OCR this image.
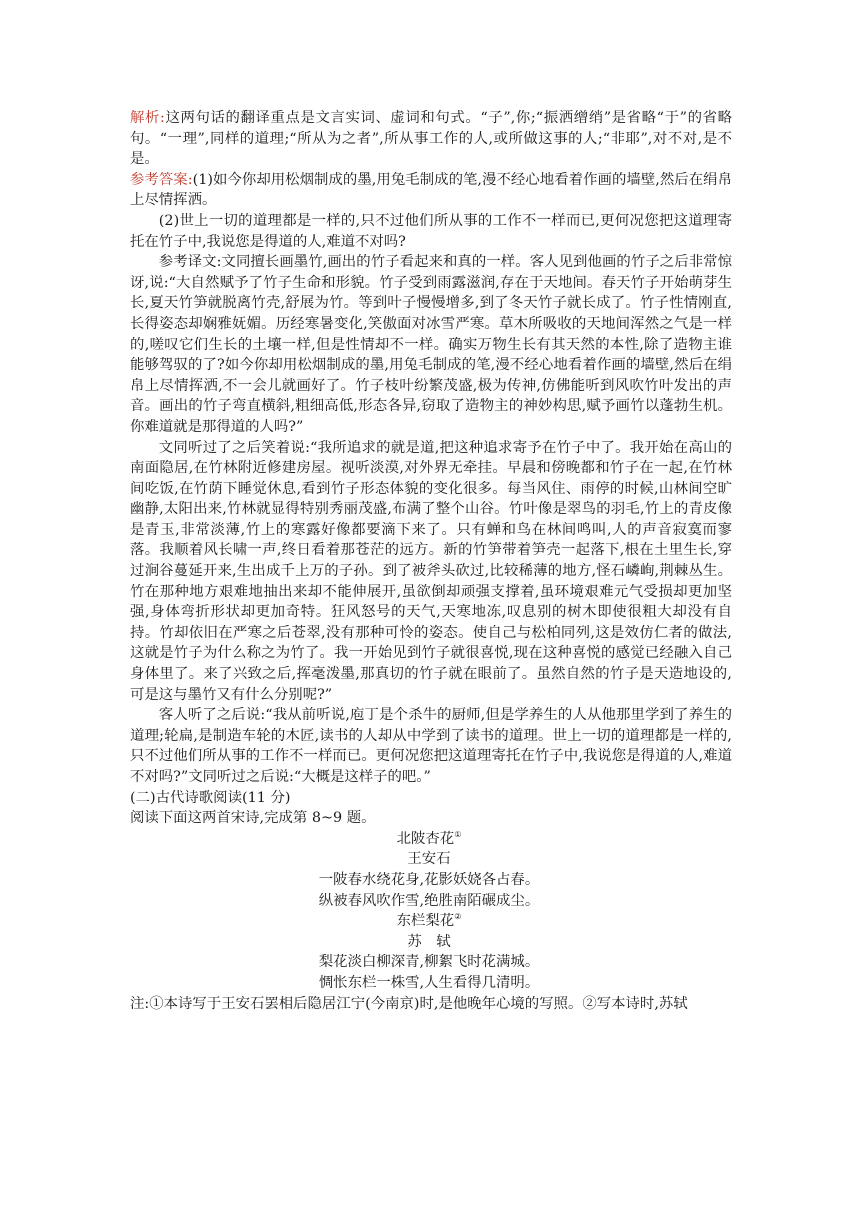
解析:这两句话的翻译重点是文言实词、虚词和句式。“子”,你;“振洒缯绡”是省略“于”的省略句。“一理”,同样的道理;“所从为之者”,所从事工作的人,或所做这事的人;“非耶”,对不对,是不是。

参考答案:(1)如今你却用松烟制成的墨,用兔毛制成的笔,漫不经心地看着作画的墙壁,然后在绢帛上尽情挥洒。

(2)世上一切的道理都是一样的,只不过他们所从事的工作不一样而已,更何况您把这道理寄托在竹子中,我说您是得道的人,难道不对吗?

参考译文:文同擅长画墨竹,画出的竹子看起来和真的一样。客人见到他画的竹子之后非常惊讶,说:“大自然赋予了竹子生命和形貌。竹子受到雨露滋润,存在于天地间。春天竹子开始萌芽生长,夏天竹笋就脱离竹壳,舒展为竹。等到叶子慢慢增多,到了冬天竹子就长成了。竹子性情刚直,长得姿态却娴雅妩媚。历经寒暑变化,笑傲面对冰雪严寒。草木所吸收的天地间浑然之气是一样的,嗟叹它们生长的土壤一样,但是性情却不一样。确实万物生长有其天然的本性,除了造物主谁能够驾驭的了?如今你却用松烟制成的墨,用兔毛制成的笔,漫不经心地看着作画的墙壁,然后在绢帛上尽情挥洒,不一会儿就画好了。竹子枝叶纷繁茂盛,极为传神,仿佛能听到风吹竹叶发出的声音。画出的竹子弯直横斜,粗细高低,形态各异,窃取了造物主的神妙构思,赋予画竹以蓬勃生机。你难道就是那得道的人吗?”

文同听过了之后笑着说:“我所追求的就是道,把这种追求寄予在竹子中了。我开始在高山的南面隐居,在竹林附近修建房屋。视听淡漠,对外界无牵挂。早晨和傍晚都和竹子在一起,在竹林间吃饭,在竹荫下睡觉休息,看到竹子形态体貌的变化很多。每当风住、雨停的时候,山林间空旷幽静,太阳出来,竹林就显得特别秀丽茂盛,布满了整个山谷。竹叶像是翠鸟的羽毛,竹上的青皮像是青玉,非常淡薄,竹上的寒露好像都要滴下来了。只有蝉和鸟在林间鸣叫,人的声音寂寞而寥落。我顺着风长啸一声,终日看着那苍茫的远方。新的竹笋带着笋壳一起落下,根在土里生长,穿过涧谷蔓延开来,生出成千上万的子孙。到了被斧头砍过,比较稀薄的地方,怪石嶙峋,荆棘丛生。竹在那种地方艰难地抽出来却不能伸展开,虽欲倒却顽强支撑着,虽环境艰难元气受损却更加坚强,身体弯折形状却更加奇特。狂风怒号的天气,天寒地冻,叹息别的树木即使很粗大却没有自持。竹却依旧在严寒之后苍翠,没有那种可怜的姿态。使自己与松柏同列,这是效仿仁者的做法,这就是竹子为什么称之为竹了。我一开始见到竹子就很喜悦,现在这种喜悦的感觉已经融入自己身体里了。来了兴致之后,挥毫泼墨,那真切的竹子就在眼前了。虽然自然的竹子是天造地设的,可是这与墨竹又有什么分别呢?”

客人听了之后说:“我从前听说,庖丁是个杀牛的厨师,但是学养生的人从他那里学到了养生的道理;轮扁,是制造车轮的木匠,读书的人却从中学到了读书的道理。世上一切的道理都是一样的,只不过他们所从事的工作不一样而已。更何况您把这道理寄托在竹子中,我说您是得道的人,难道不对吗?”文同听过之后说:“大概是这样子的吧。”

(二)古代诗歌阅读(11 分)

阅读下面这两首宋诗,完成第 8~9 题。

北陂杏花①

王安石

一陂春水绕花身,花影妖娆各占春。

纵被春风吹作雪,绝胜南陌碾成尘。

东栏梨花②

苏　轼

梨花淡白柳深青,柳絮飞时花满城。

惆怅东栏一株雪,人生看得几清明。

注:①本诗写于王安石罢相后隐居江宁(今南京)时,是他晚年心境的写照。②写本诗时,苏轼
